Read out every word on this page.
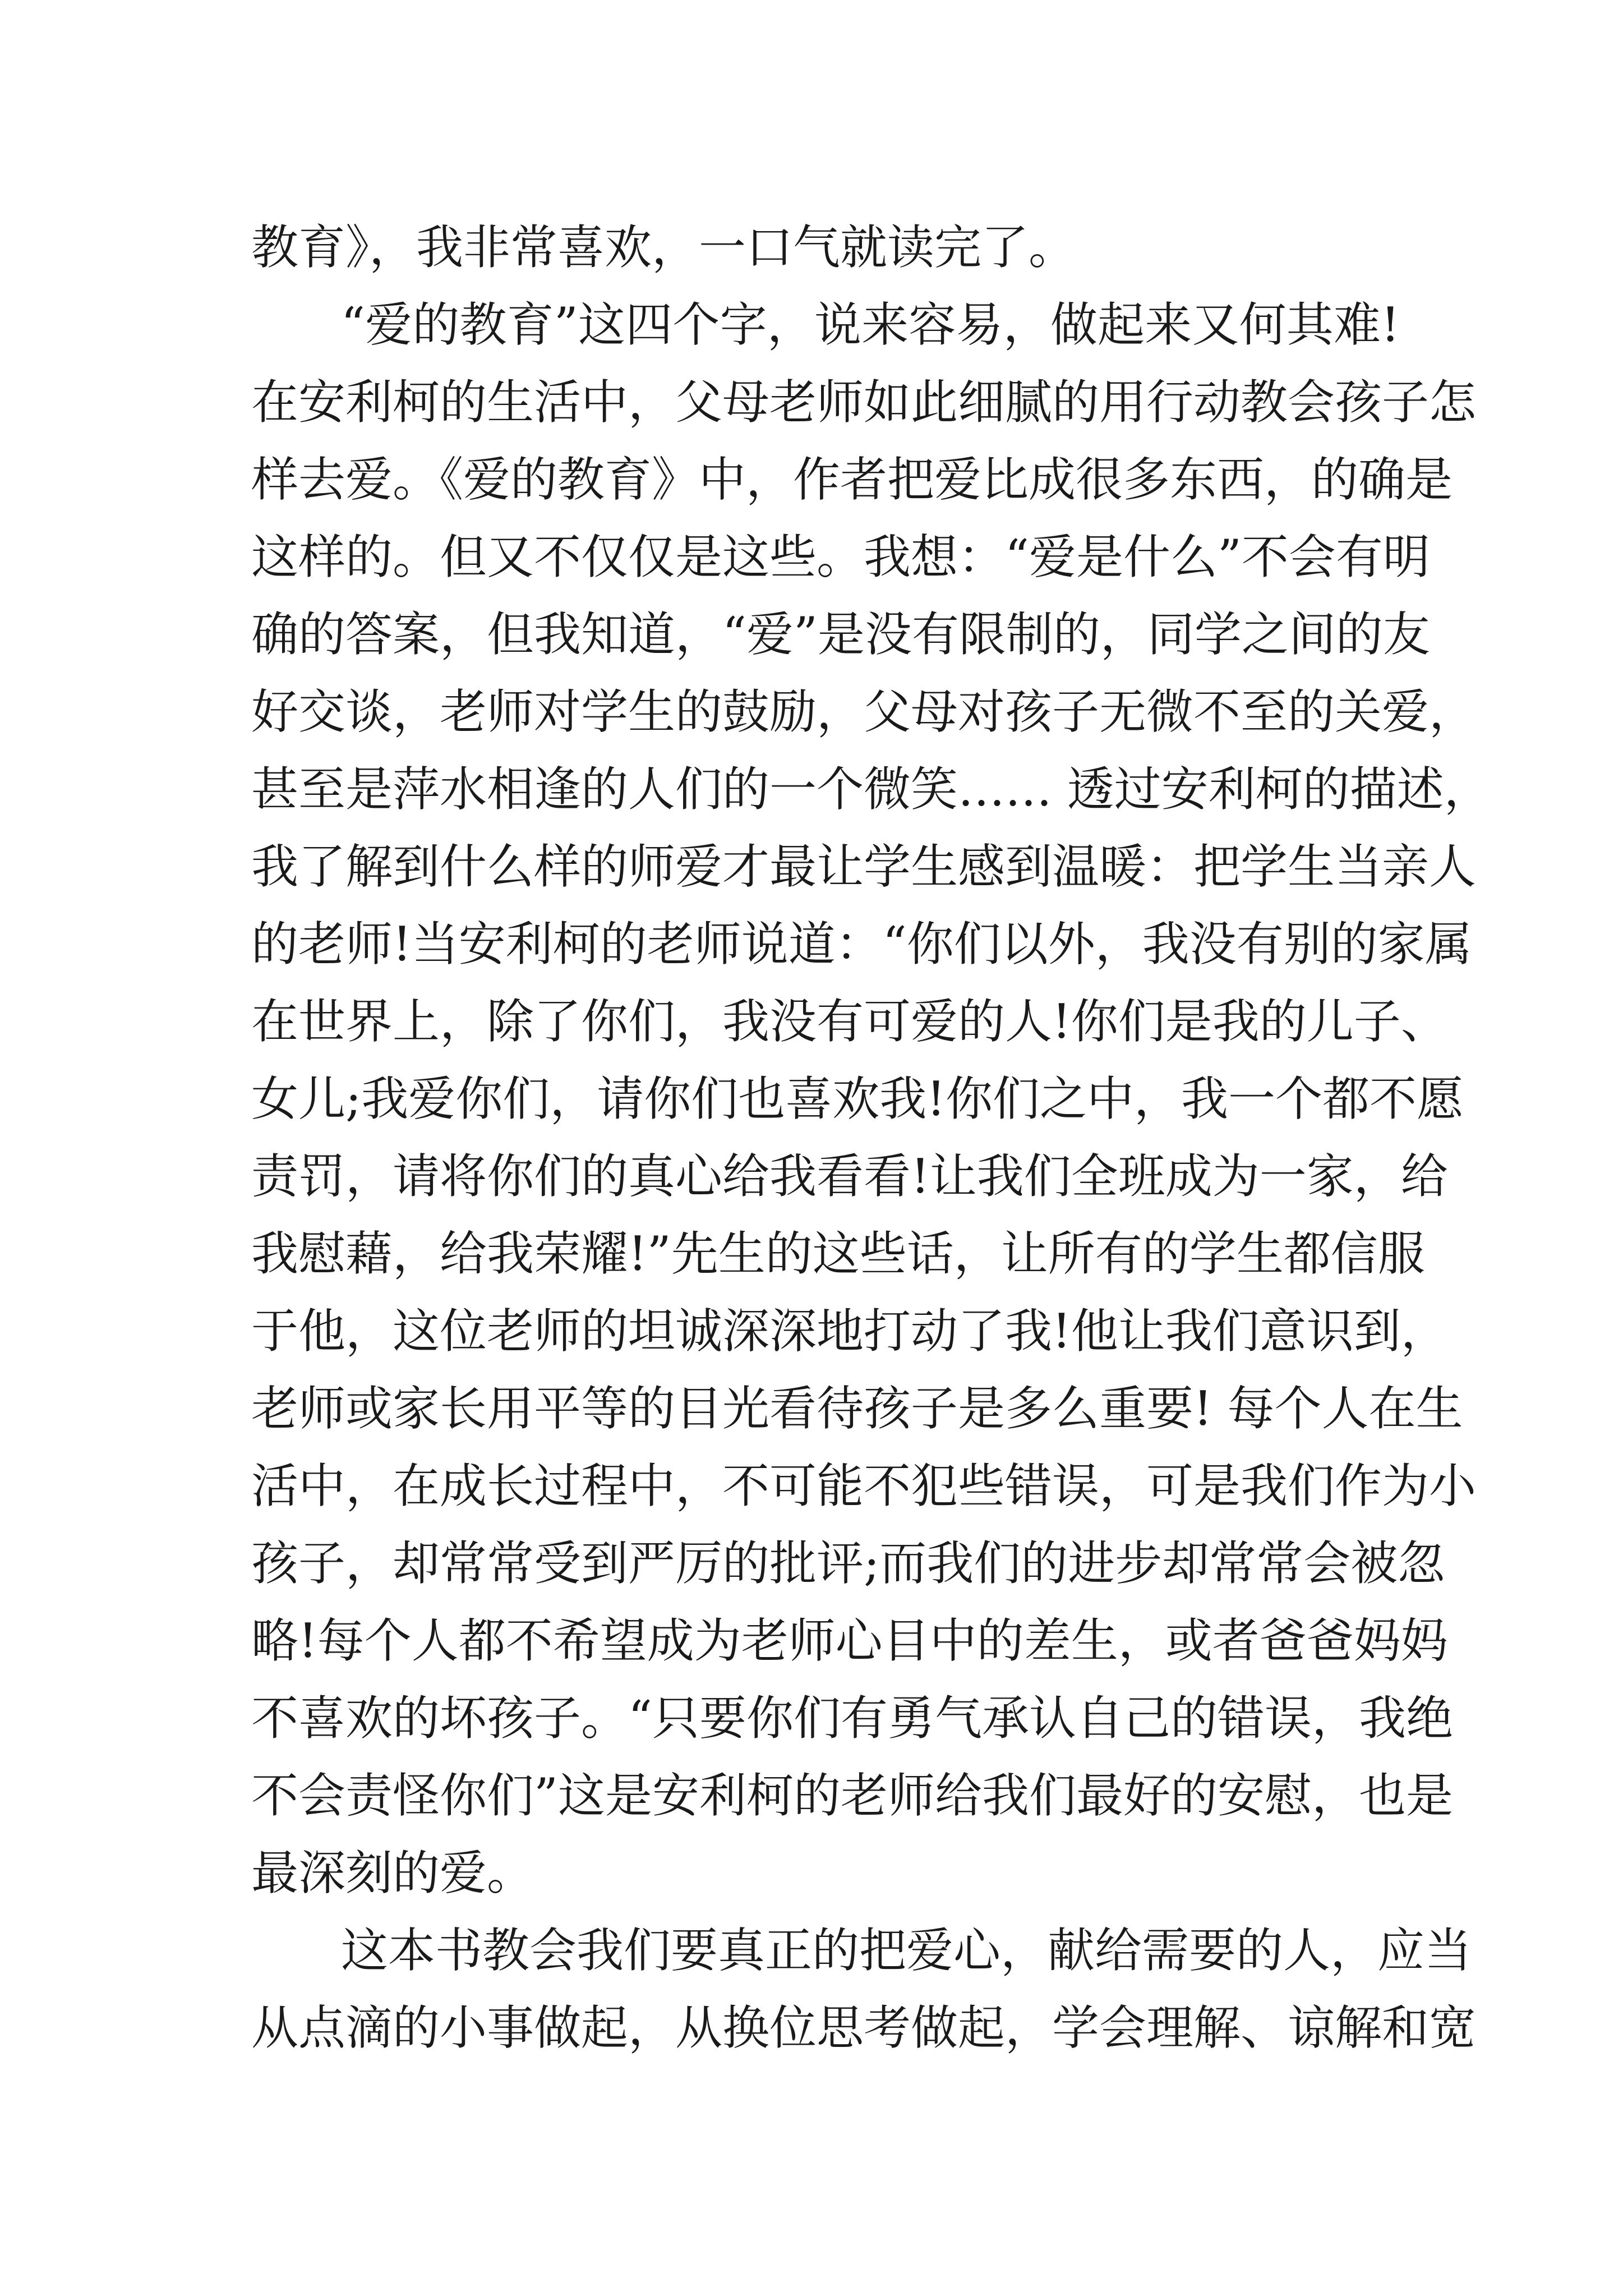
教育》，我非常喜欢，一口气就读完了。
“爱的教育”这四个字，说来容易，做起来又何其难!
在安利柯的生活中，父母老师如此细腻的用行动教会孩子怎
样去爱。《爱的教育》中，作者把爱比成很多东西，的确是
这样的。但又不仅仅是这些。我想：“爱是什么”不会有明
确的答案，但我知道，“爱”是没有限制的，同学之间的友
好交谈，老师对学生的鼓励，父母对孩子无微不至的关爱，
甚至是萍水相逢的人们的一个微笑…… 透过安利柯的描述，
我了解到什么样的师爱才最让学生感到温暖：把学生当亲人
的老师!当安利柯的老师说道：“你们以外，我没有别的家属
在世界上，除了你们，我没有可爱的人!你们是我的儿子、
女儿;我爱你们，请你们也喜欢我!你们之中，我一个都不愿
责罚，请将你们的真心给我看看!让我们全班成为一家，给
我慰藉，给我荣耀!”先生的这些话，让所有的学生都信服
于他，这位老师的坦诚深深地打动了我!他让我们意识到，
老师或家长用平等的目光看待孩子是多么重要! 每个人在生
活中，在成长过程中，不可能不犯些错误，可是我们作为小
孩子，却常常受到严厉的批评;而我们的进步却常常会被忽
略!每个人都不希望成为老师心目中的差生，或者爸爸妈妈
不喜欢的坏孩子。“只要你们有勇气承认自己的错误，我绝
不会责怪你们”这是安利柯的老师给我们最好的安慰，也是
最深刻的爱。
这本书教会我们要真正的把爱心，献给需要的人，应当
从点滴的小事做起，从换位思考做起，学会理解、谅解和宽
